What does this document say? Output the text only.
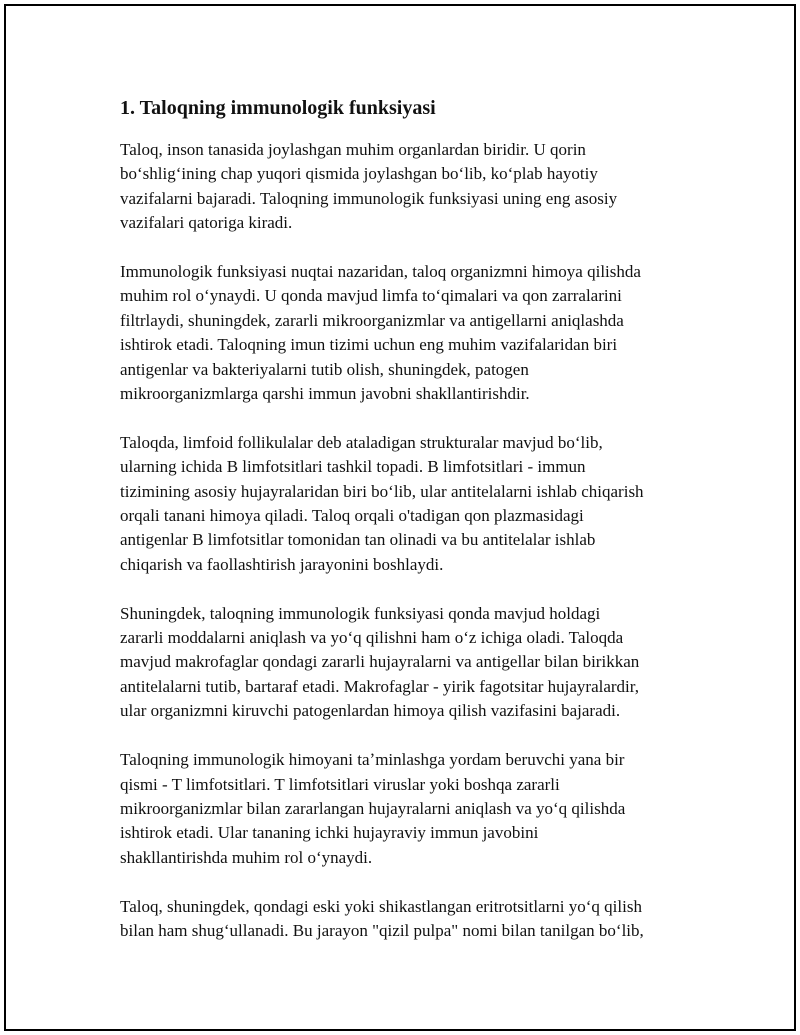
1. Taloqning immunologik funksiyasi

Taloq, inson tanasida joylashgan muhim organlardan biridir. U qorin
boʻshligʻining chap yuqori qismida joylashgan boʻlib, koʻplab hayotiy
vazifalarni bajaradi. Taloqning immunologik funksiyasi uning eng asosiy
vazifalari qatoriga kiradi.

Immunologik funksiyasi nuqtai nazaridan, taloq organizmni himoya qilishda
muhim rol oʻynaydi. U qonda mavjud limfa toʻqimalari va qon zarralarini
filtrlaydi, shuningdek, zararli mikroorganizmlar va antigellarni aniqlashda
ishtirok etadi. Taloqning imun tizimi uchun eng muhim vazifalaridan biri
antigenlar va bakteriyalarni tutib olish, shuningdek, patogen
mikroorganizmlarga qarshi immun javobni shakllantirishdir.

Taloqda, limfoid follikulalar deb ataladigan strukturalar mavjud boʻlib,
ularning ichida B limfotsitlari tashkil topadi. B limfotsitlari - immun
tizimining asosiy hujayralaridan biri boʻlib, ular antitelalarni ishlab chiqarish
orqali tanani himoya qiladi. Taloq orqali o'tadigan qon plazmasidagi
antigenlar B limfotsitlar tomonidan tan olinadi va bu antitelalar ishlab
chiqarish va faollashtirish jarayonini boshlaydi.

Shuningdek, taloqning immunologik funksiyasi qonda mavjud holdagi
zararli moddalarni aniqlash va yoʻq qilishni ham oʻz ichiga oladi. Taloqda
mavjud makrofaglar qondagi zararli hujayralarni va antigellar bilan birikkan
antitelalarni tutib, bartaraf etadi. Makrofaglar - yirik fagotsitar hujayralardir,
ular organizmni kiruvchi patogenlardan himoya qilish vazifasini bajaradi.

Taloqning immunologik himoyani taʼminlashga yordam beruvchi yana bir
qismi - T limfotsitlari. T limfotsitlari viruslar yoki boshqa zararli
mikroorganizmlar bilan zararlangan hujayralarni aniqlash va yoʻq qilishda
ishtirok etadi. Ular tananing ichki hujayraviy immun javobini
shakllantirishda muhim rol oʻynaydi.

Taloq, shuningdek, qondagi eski yoki shikastlangan eritrotsitlarni yoʻq qilish
bilan ham shugʻullanadi. Bu jarayon "qizil pulpa" nomi bilan tanilgan boʻlib,
